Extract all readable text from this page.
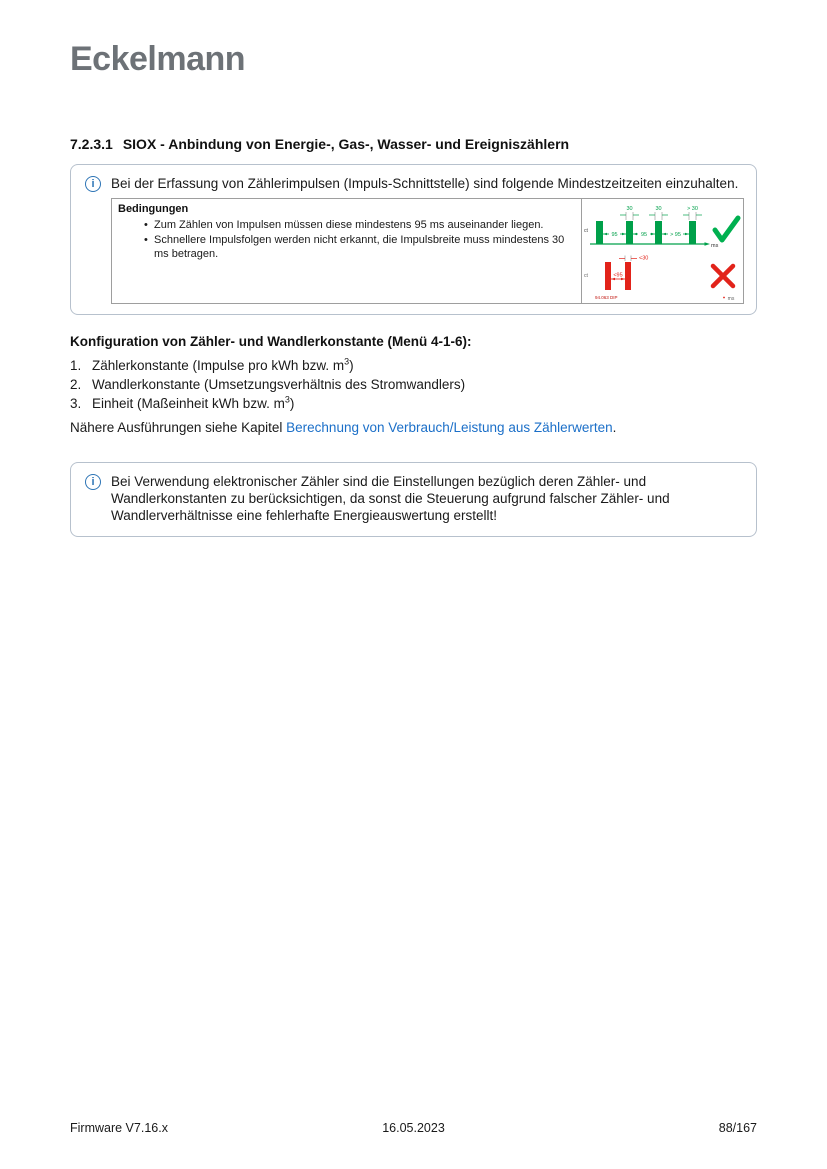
Eckelmann
7.2.3.1 SIOX - Anbindung von Energie-, Gas-, Wasser- und Ereigniszählern
i	Bei der Erfassung von Zählerimpulsen (Impuls-Schnittstelle) sind folgende Mindestzeitzeiten einzuhalten.
Bedingungen
• Zum Zählen von Impulsen müssen diese mindestens 95 ms auseinander liegen.
• Schnellere Impulsfolgen werden nicht erkannt, die Impulsbreite muss mindestens 30 ms betragen.
ct
ms
95	95	> 95
30	30	> 30
ct	<95
<30
94.063 DIP	ms
Konfiguration von Zähler- und Wandlerkonstante (Menü 4-1-6):
1. Zählerkonstante (Impulse pro kWh bzw. $m^3$)
2. Wandlerkonstante (Umsetzungsverhältnis des Stromwandlers)
3. Einheit (Maßeinheit kWh bzw. $m^3$)
Nähere Ausführungen siehe Kapitel Berechnung von Verbrauch/Leistung aus Zählerwerten.
i	Bei Verwendung elektronischer Zähler sind die Einstellungen bezüglich deren Zähler- und Wandlerkonstanten zu berücksichtigen, da sonst die Steuerung aufgrund falscher Zähler- und Wandlerverhältnisse eine fehlerhafte Energieauswertung erstellt!
Firmware V7.16.x	16.05.2023	88/167
